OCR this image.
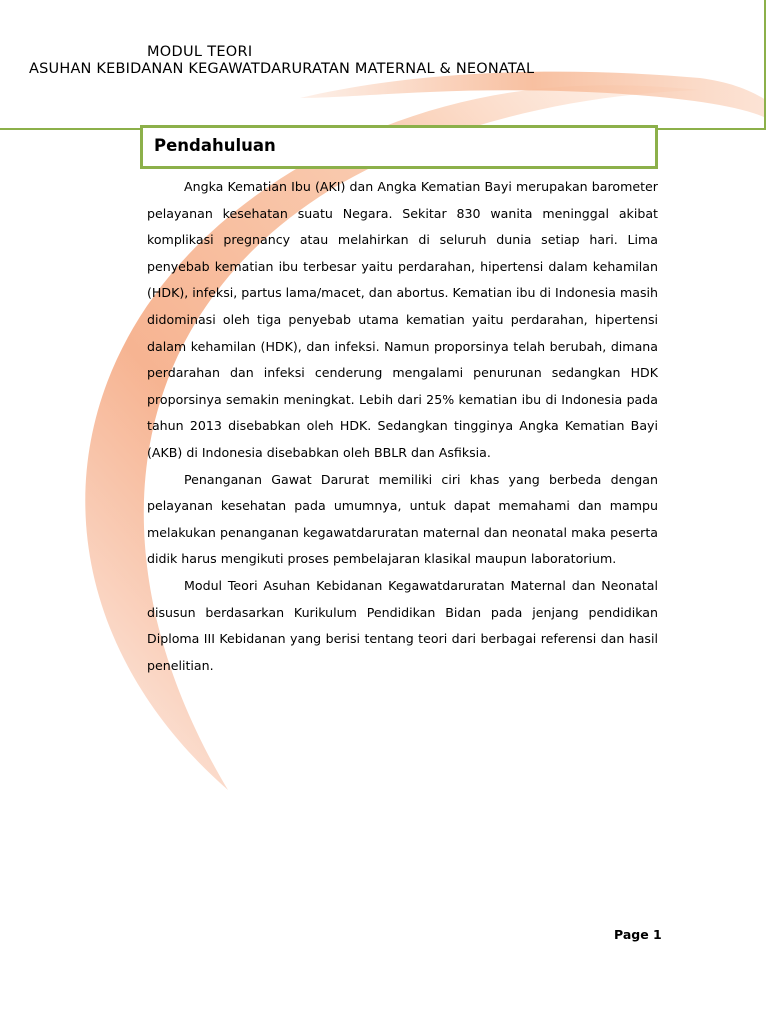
MODUL TEORI
ASUHAN KEBIDANAN KEGAWATDARURATAN MATERNAL & NEONATAL
Pendahuluan

Angka Kematian Ibu (AKI) dan Angka Kematian Bayi merupakan barometer pelayanan kesehatan suatu Negara. Sekitar 830 wanita meninggal akibat komplikasi pregnancy atau melahirkan di seluruh dunia setiap hari. Lima penyebab kematian ibu terbesar yaitu perdarahan, hipertensi dalam kehamilan (HDK), infeksi, partus lama/macet, dan abortus. Kematian ibu di Indonesia masih didominasi oleh tiga penyebab utama kematian yaitu perdarahan, hipertensi dalam kehamilan (HDK), dan infeksi. Namun proporsinya telah berubah, dimana perdarahan dan infeksi cenderung mengalami penurunan sedangkan HDK proporsinya semakin meningkat. Lebih dari 25% kematian ibu di Indonesia pada tahun 2013 disebabkan oleh HDK. Sedangkan tingginya Angka Kematian Bayi (AKB) di Indonesia disebabkan oleh BBLR dan Asfiksia.

Penanganan Gawat Darurat memiliki ciri khas yang berbeda dengan pelayanan kesehatan pada umumnya, untuk dapat memahami dan mampu melakukan penanganan kegawatdaruratan maternal dan neonatal maka peserta didik harus mengikuti proses pembelajaran klasikal maupun laboratorium.

Modul Teori Asuhan Kebidanan Kegawatdaruratan Maternal dan Neonatal disusun berdasarkan Kurikulum Pendidikan Bidan pada jenjang pendidikan Diploma III Kebidanan yang berisi tentang teori dari berbagai referensi dan hasil penelitian.

Page 1
